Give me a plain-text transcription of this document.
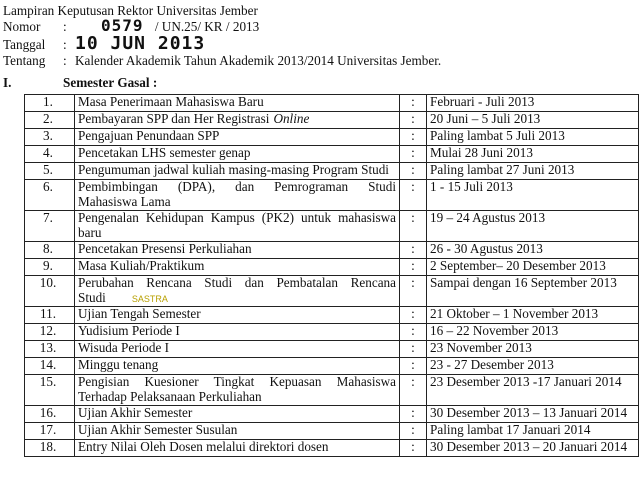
Lampiran Keputusan Rektor Universitas Jember
Nomor : 0579 / UN.25/ KR / 2013
Tanggal : 10 JUN 2013
Tentang : Kalender Akademik Tahun Akademik 2013/2014 Universitas Jember.
I.	Semester Gasal :
1.	Masa Penerimaan Mahasiswa Baru	:	Februari - Juli 2013
2.	Pembayaran SPP dan Her Registrasi Online	:	20 Juni – 5 Juli 2013
3.	Pengajuan Penundaan SPP	:	Paling lambat 5 Juli 2013
4.	Pencetakan LHS semester genap	:	Mulai 28 Juni 2013
5.	Pengumuman jadwal kuliah masing-masing Program Studi	:	Paling lambat 27 Juni 2013
6.	Pembimbingan (DPA), dan Pemrograman Studi
Mahasiswa Lama	:	1 - 15 Juli 2013
7.	Pengenalan Kehidupan Kampus (PK2) untuk mahasiswa
baru	:	19 – 24 Agustus 2013
8.	Pencetakan Presensi Perkuliahan	:	26 - 30 Agustus 2013
9.	Masa Kuliah/Praktikum	:	2 September– 20 Desember 2013
10.	Perubahan Rencana Studi dan Pembatalan Rencana
Studi SASTRA	:	Sampai dengan 16 September 2013
11.	Ujian Tengah Semester	:	21 Oktober – 1 November 2013
12.	Yudisium Periode I	:	16 – 22 November 2013
13.	Wisuda Periode I	:	23 November 2013
14.	Minggu tenang	:	23 - 27 Desember 2013
15.	Pengisian Kuesioner Tingkat Kepuasan Mahasiswa
Terhadap Pelaksanaan Perkuliahan	:	23 Desember 2013 -17 Januari 2014
16.	Ujian Akhir Semester	:	30 Desember 2013 – 13 Januari 2014
17.	Ujian Akhir Semester Susulan	:	Paling lambat 17 Januari 2014
18.	Entry Nilai Oleh Dosen melalui direktori dosen	:	30 Desember 2013 – 20 Januari 2014
